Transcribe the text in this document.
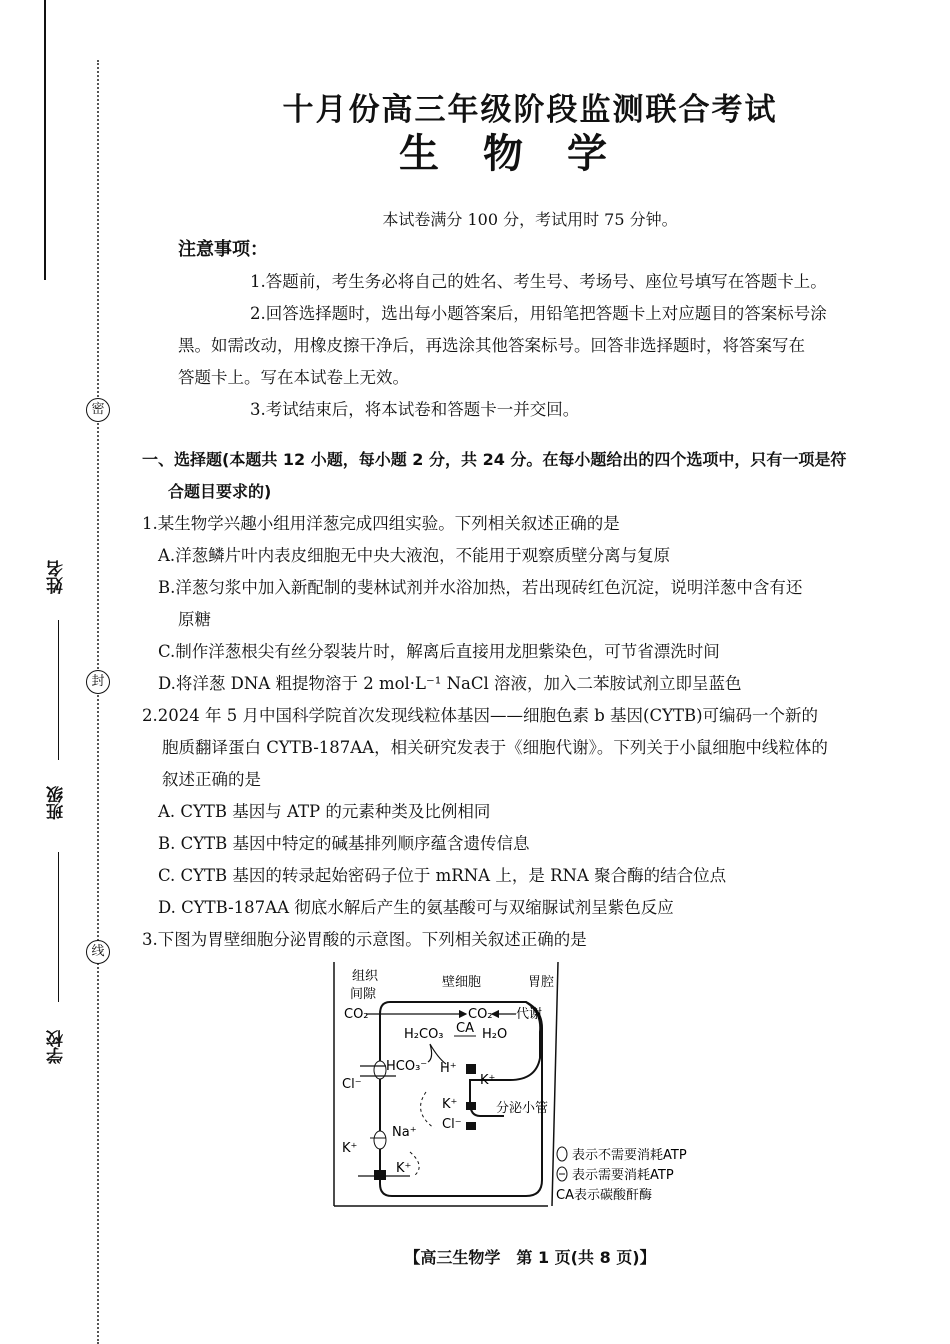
密
封
线
姓名
班级
学校
十月份高三年级阶段监测联合考试
生物学
本试卷满分 100 分，考试用时 75 分钟。
注意事项：
1.答题前，考生务必将自己的姓名、考生号、考场号、座位号填写在答题卡上。
2.回答选择题时，选出每小题答案后，用铅笔把答题卡上对应题目的答案标号涂
黑。如需改动，用橡皮擦干净后，再选涂其他答案标号。回答非选择题时，将答案写在
答题卡上。写在本试卷上无效。
3.考试结束后，将本试卷和答题卡一并交回。
一、选择题(本题共 12 小题，每小题 2 分，共 24 分。在每小题给出的四个选项中，只有一项是符
合题目要求的)
1.某生物学兴趣小组用洋葱完成四组实验。下列相关叙述正确的是
A.洋葱鳞片叶内表皮细胞无中央大液泡，不能用于观察质壁分离与复原
B.洋葱匀浆中加入新配制的斐林试剂并水浴加热，若出现砖红色沉淀，说明洋葱中含有还
原糖
C.制作洋葱根尖有丝分裂装片时，解离后直接用龙胆紫染色，可节省漂洗时间
D.将洋葱 DNA 粗提物溶于 2 mol·L⁻¹ NaCl 溶液，加入二苯胺试剂立即呈蓝色
2.2024 年 5 月中国科学院首次发现线粒体基因——细胞色素 b 基因(CYTB)可编码一个新的
胞质翻译蛋白 CYTB-187AA，相关研究发表于《细胞代谢》。下列关于小鼠细胞中线粒体的
叙述正确的是
A. CYTB 基因与 ATP 的元素种类及比例相同
B. CYTB 基因中特定的碱基排列顺序蕴含遗传信息
C. CYTB 基因的转录起始密码子位于 mRNA 上，是 RNA 聚合酶的结合位点
D. CYTB-187AA 彻底水解后产生的氨基酸可与双缩脲试剂呈紫色反应
3.下图为胃壁细胞分泌胃酸的示意图。下列相关叙述正确的是
组织
间隙
壁细胞	胃腔
CO₂	CO₂ 代谢
H₂CO₃ CA H₂O
HCO₃⁻ H⁺
Cl⁻	K⁺
K⁺
Cl⁻
分泌小管
Na⁺
K⁺
K⁺
表示不需要消耗ATP
表示需要消耗ATP
CA表示碳酸酐酶
【高三生物学　第 1 页(共 8 页)】
